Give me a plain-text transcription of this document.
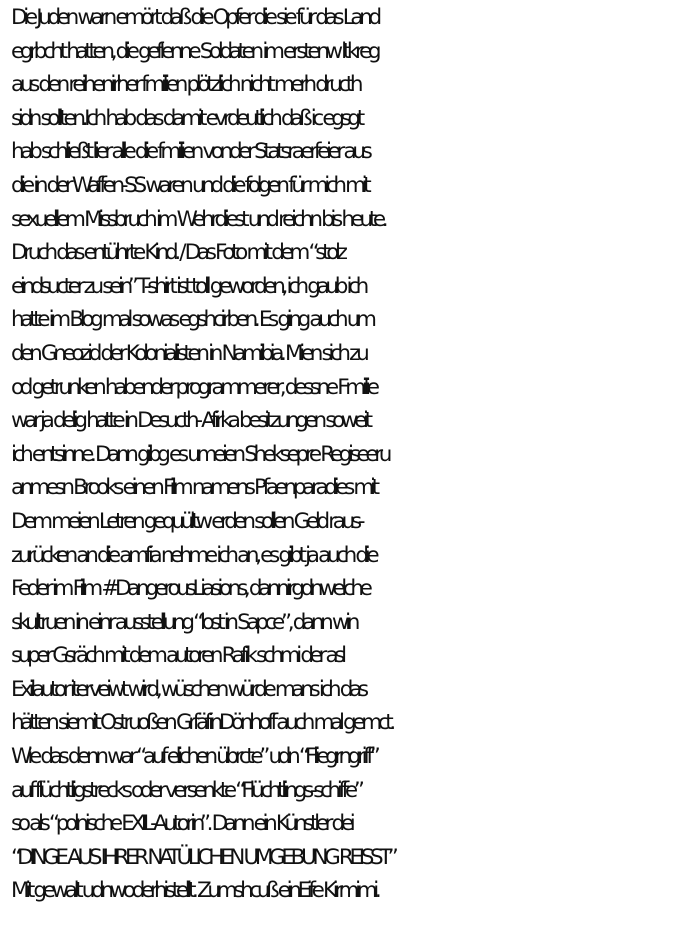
Die Juden warn emört daß die Opfer die sie für das Land
egrbcht hatten, die geflenne Soldaten im erstenw ltkreg
aus den reihenirher fmilien plötzlich nicht merh dructh
sidn sollten.Ich hab das damit evrdeutlich daß ic egsgt
hab schließt lier alle die fmilien vonder Statsraerfeier aus
die in der Waffen-SS waren und die folgen für mich mit
sexuellem Missbruch im Wehrdiest und reichn bis heute.
Druch das entührte Kind. / Das Foto mit dem “stolz
eindsucter zu sein” T-shirt ist toll geworden, ich gaub ich
hatte im Blog mal sowas egshcirben. Es ging auch um
den Gneozid der Kolonialisten in Namibia. Mien sich zu
od getrunken habender programmerer, dessne Fmilie
war ja delig hatte in Desucth- Afirka besitzungen soweit
ich entsinne. Dann gibg es umeien Sheksepre Regiseeru
anmesn Brooks einen Film namens Pfaenparadies mit
Dem meien Letren gequültw erden sollen Geld raus-
zurücken an die amfia nehme ich an, es gibt ja auch die
Feder im Film #DangerousLiasions, dannirgdnwelche
skultruen in einr ausstellung “lost in Sapce”, dann win
super Gsräch mit dem autoren Rafik schmi der asl
Exilautor iterveiwt wird, wüschen würde mans ich das
hätten siemit Ostruoßen GrfäfinDönhoff auch mal gemct.
Wie das denn war “auf elichen übrcte” udn “Fliegrngriff”
auf flüchtligstrecks oder versenkte “Flüchtlings-schiffe”
so als “polnische EXIL-Autorin”. Dann ein Künstler dei
“DINGE AUS IHRER NATÜLICHEN UMGEBUNG REISST”
Mit gewalt udnwoderhistellt. Zumshcuß einEife Kirmimi.
